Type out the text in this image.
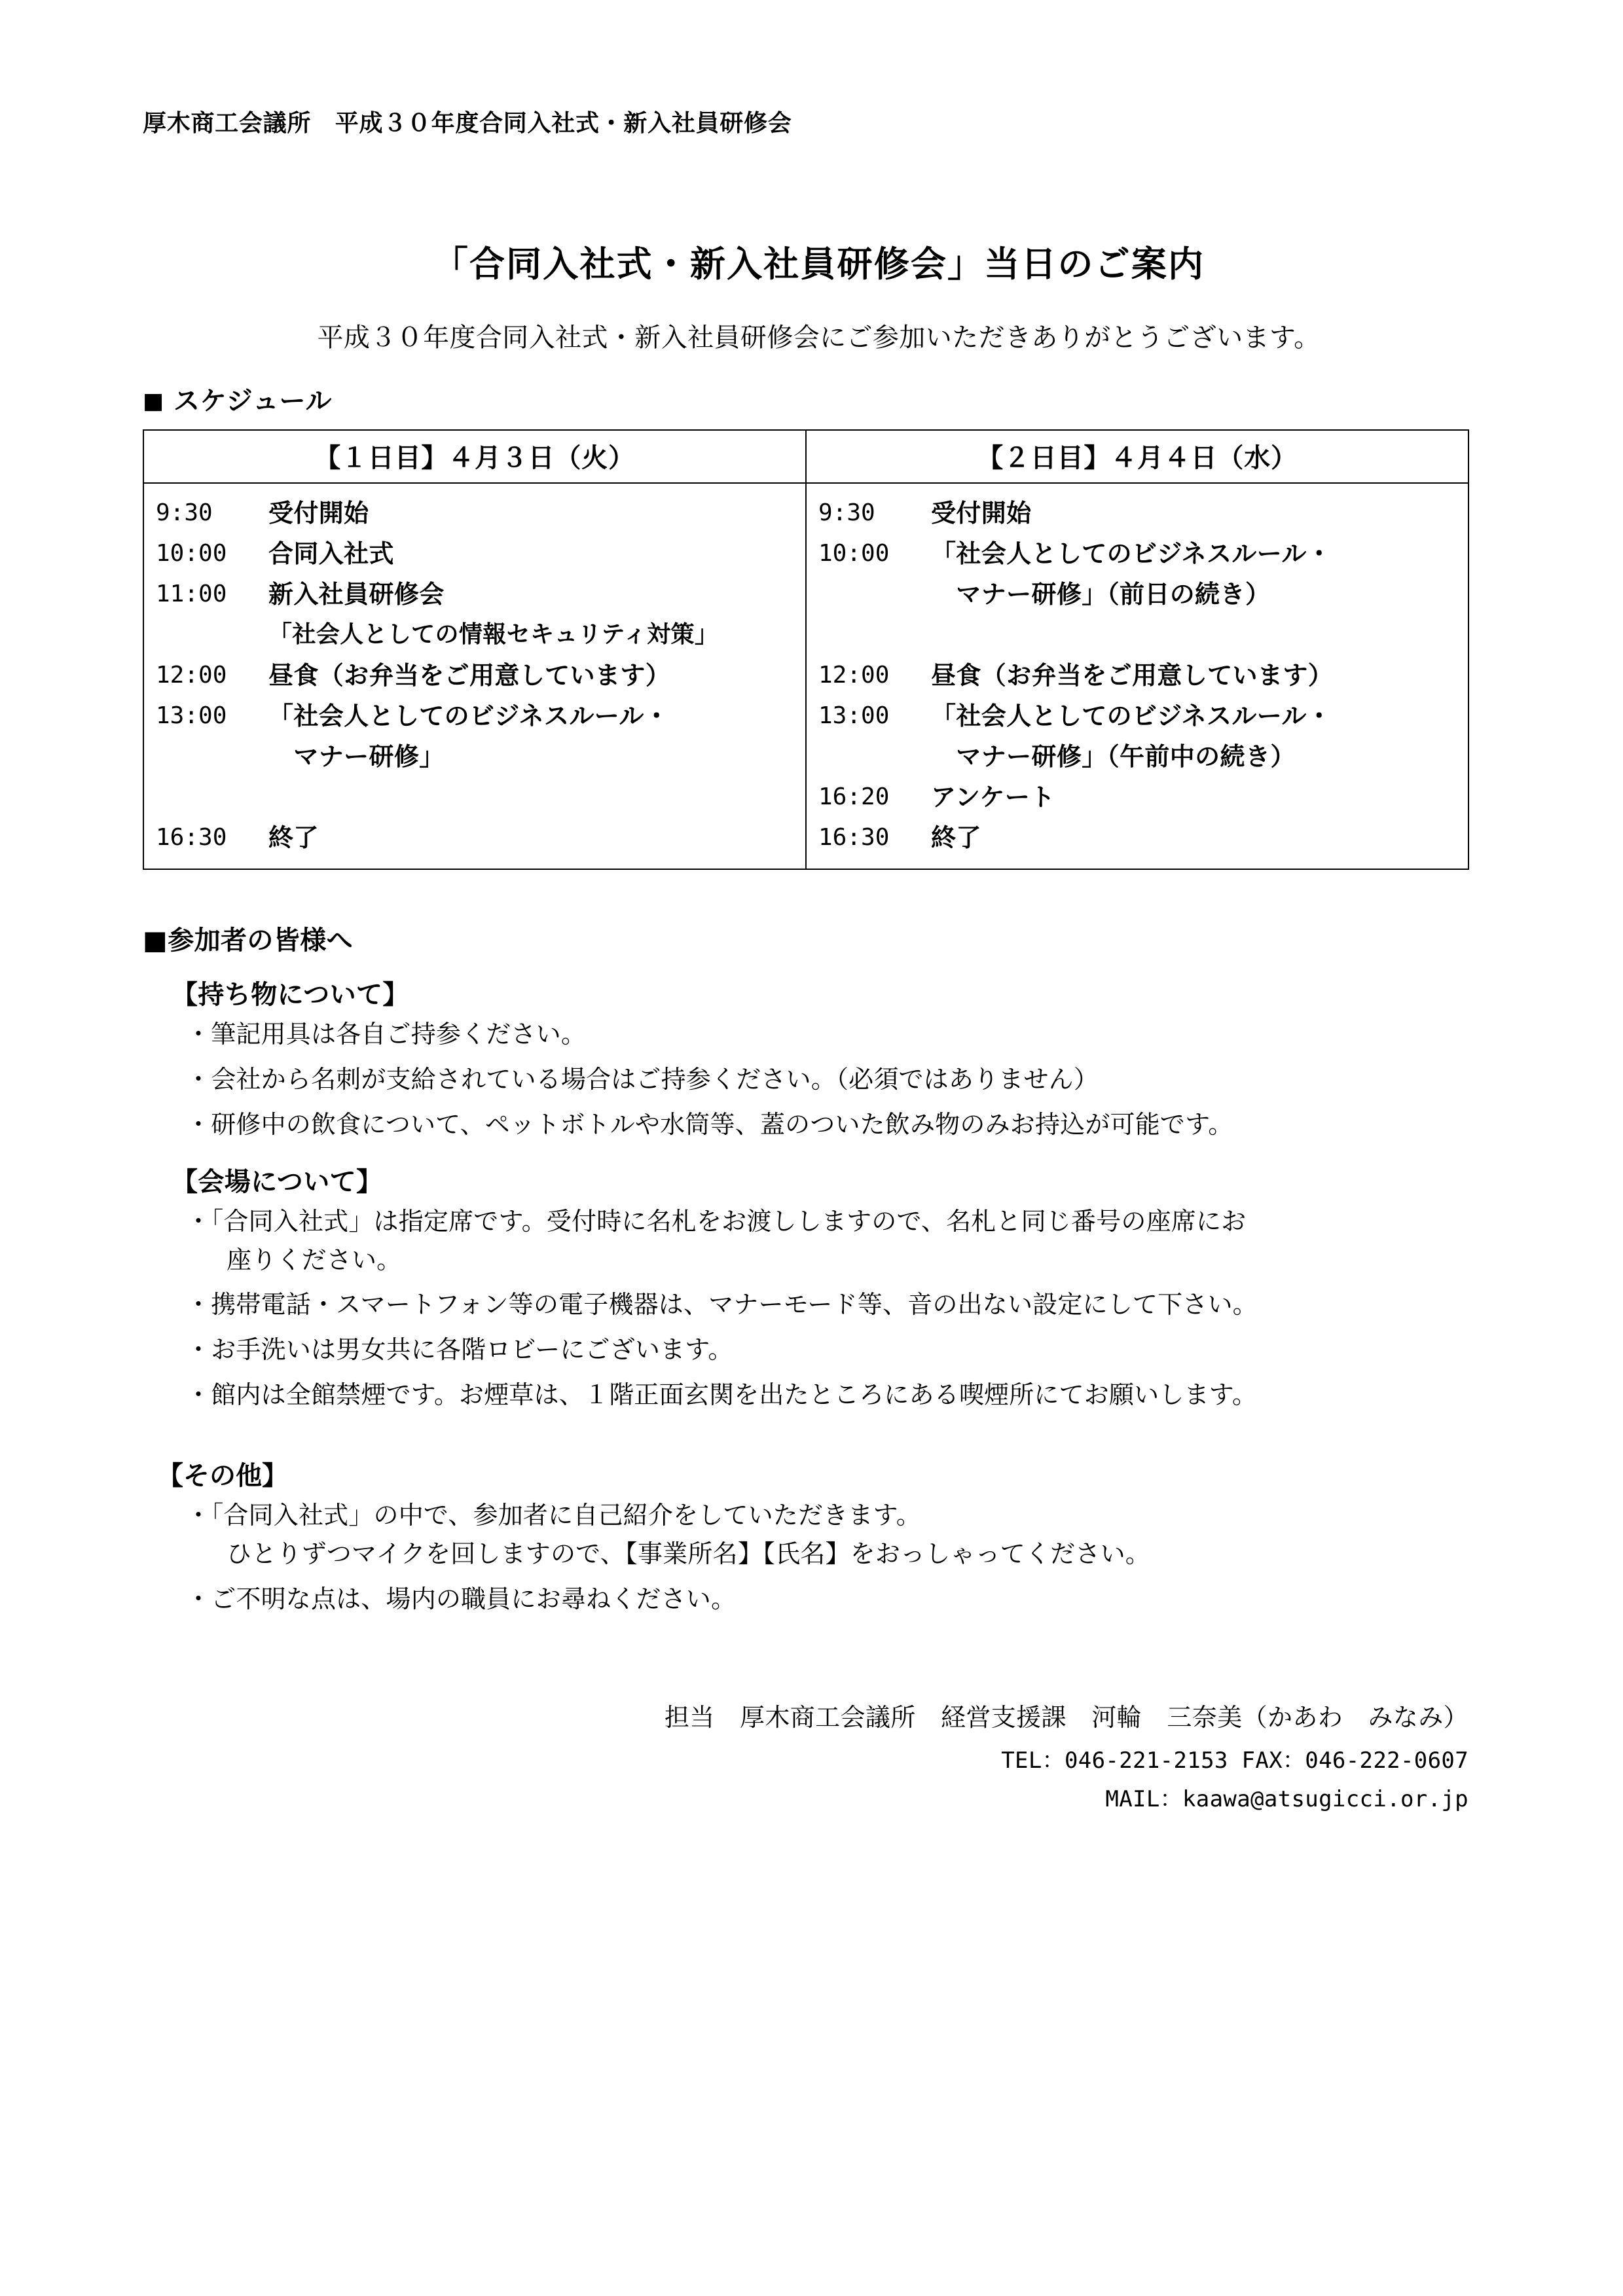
厚木商工会議所　平成３０年度合同入社式・新入社員研修会
「合同入社式・新入社員研修会」当日のご案内

平成３０年度合同入社式・新入社員研修会にご参加いただきありがとうございます。

■ スケジュール
【１日目】４月３日（火）	【２日目】４月４日（水）

9:30	受付開始
10:00	合同入社式
11:00	新入社員研修会
「社会人としての情報セキュリティ対策」
12:00	昼食（お弁当をご用意しています）
13:00	「社会人としてのビジネスルール・
　マナー研修」
16:30	終了

9:30	受付開始
10:00	「社会人としてのビジネスルール・
　マナー研修」（前日の続き）
12:00	昼食（お弁当をご用意しています）
13:00	「社会人としてのビジネスルール・
　マナー研修」（午前中の続き）
16:20	アンケート
16:30	終了
■参加者の皆様へ
【持ち物について】
・筆記用具は各自ご持参ください。
・会社から名刺が支給されている場合はご持参ください。（必須ではありません）
・研修中の飲食について、ペットボトルや水筒等、蓋のついた飲み物のみお持込が可能です。
【会場について】
・「合同入社式」は指定席です。受付時に名札をお渡ししますので、名札と同じ番号の座席にお
座りください。
・携帯電話・スマートフォン等の電子機器は、マナーモード等、音の出ない設定にして下さい。
・お手洗いは男女共に各階ロビーにございます。
・館内は全館禁煙です。お煙草は、１階正面玄関を出たところにある喫煙所にてお願いします。
【その他】
・「合同入社式」の中で、参加者に自己紹介をしていただきます。
ひとりずつマイクを回しますので、【事業所名】【氏名】をおっしゃってください。
・ご不明な点は、場内の職員にお尋ねください。
担当　厚木商工会議所　経営支援課　河輪　三奈美（かあわ　みなみ）
TEL：046-221-2153 FAX：046-222-0607
MAIL：kaawa@atsugicci.or.jp
